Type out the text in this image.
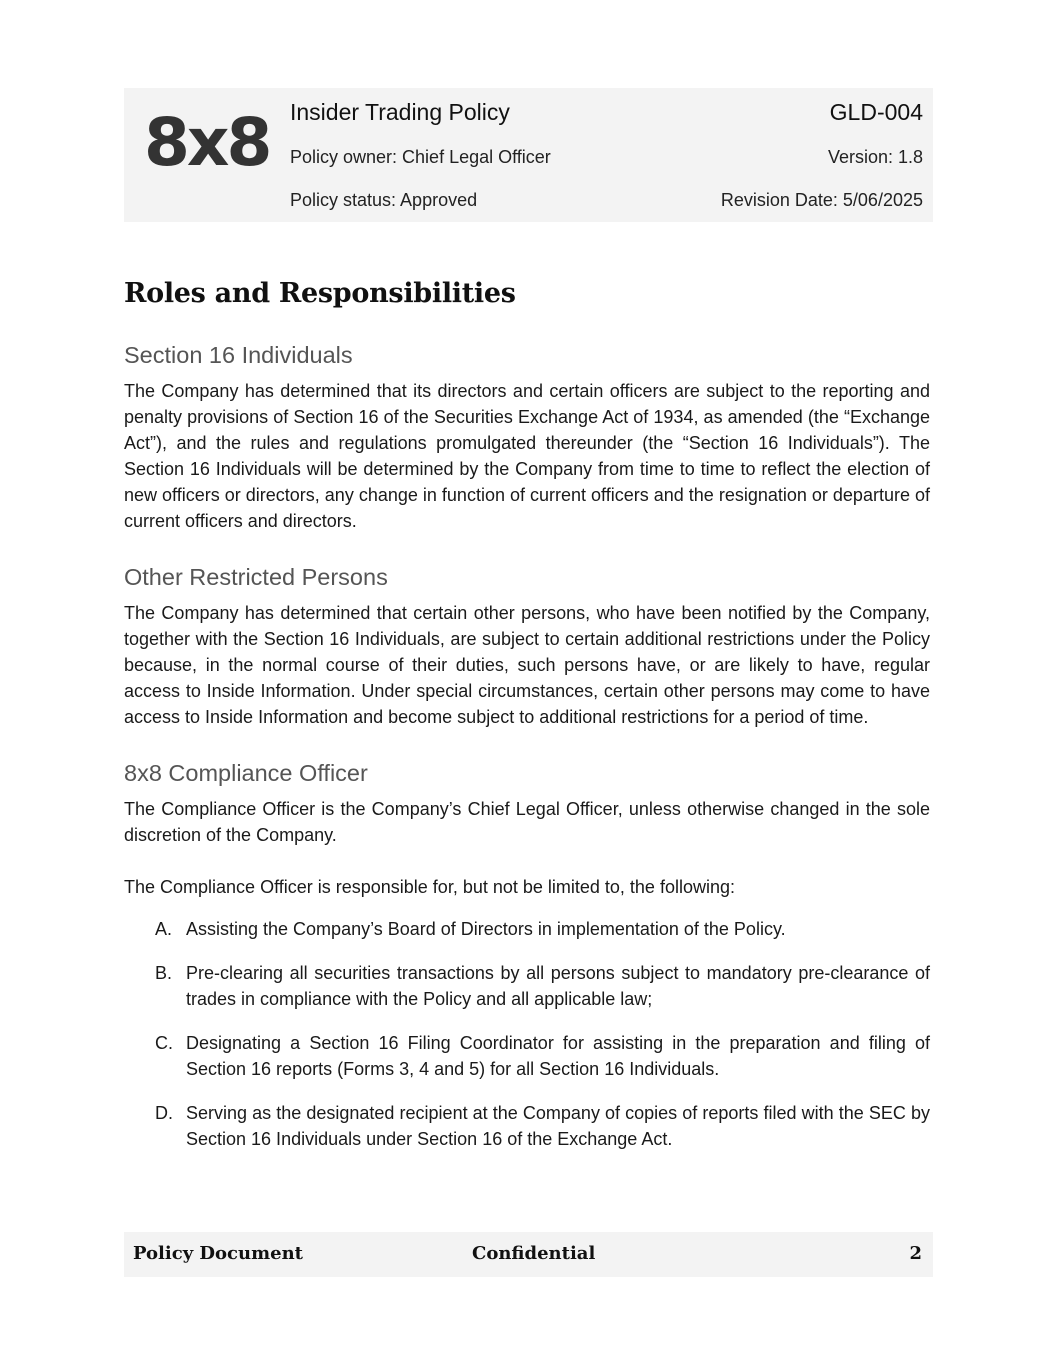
8x8 Insider Trading Policy
Policy owner: Chief Legal Officer
Policy status: Approved
GLD-004
Version: 1.8
Revision Date: 5/06/2025
Roles and Responsibilities
Section 16 Individuals

The Company has determined that its directors and certain officers are subject to the reporting and penalty provisions of Section 16 of the Securities Exchange Act of 1934, as amended (the “Exchange Act”), and the rules and regulations promulgated thereunder (the “Section 16 Individuals”). The Section 16 Individuals will be determined by the Company from time to time to reflect the election of new officers or directors, any change in function of current officers and the resignation or departure of current officers and directors.

Other Restricted Persons

The Company has determined that certain other persons, who have been notified by the Company, together with the Section 16 Individuals, are subject to certain additional restrictions under the Policy because, in the normal course of their duties, such persons have, or are likely to have, regular access to Inside Information. Under special circumstances, certain other persons may come to have access to Inside Information and become subject to additional restrictions for a period of time.

8x8 Compliance Officer

The Compliance Officer is the Company’s Chief Legal Officer, unless otherwise changed in the sole discretion of the Company.

The Compliance Officer is responsible for, but not be limited to, the following:

A. Assisting the Company’s Board of Directors in implementation of the Policy.
B. Pre-clearing all securities transactions by all persons subject to mandatory pre-clearance of trades in compliance with the Policy and all applicable law;
C. Designating a Section 16 Filing Coordinator for assisting in the preparation and filing of Section 16 reports (Forms 3, 4 and 5) for all Section 16 Individuals.
D. Serving as the designated recipient at the Company of copies of reports filed with the SEC by Section 16 Individuals under Section 16 of the Exchange Act.
Policy Document	Confidential	2
